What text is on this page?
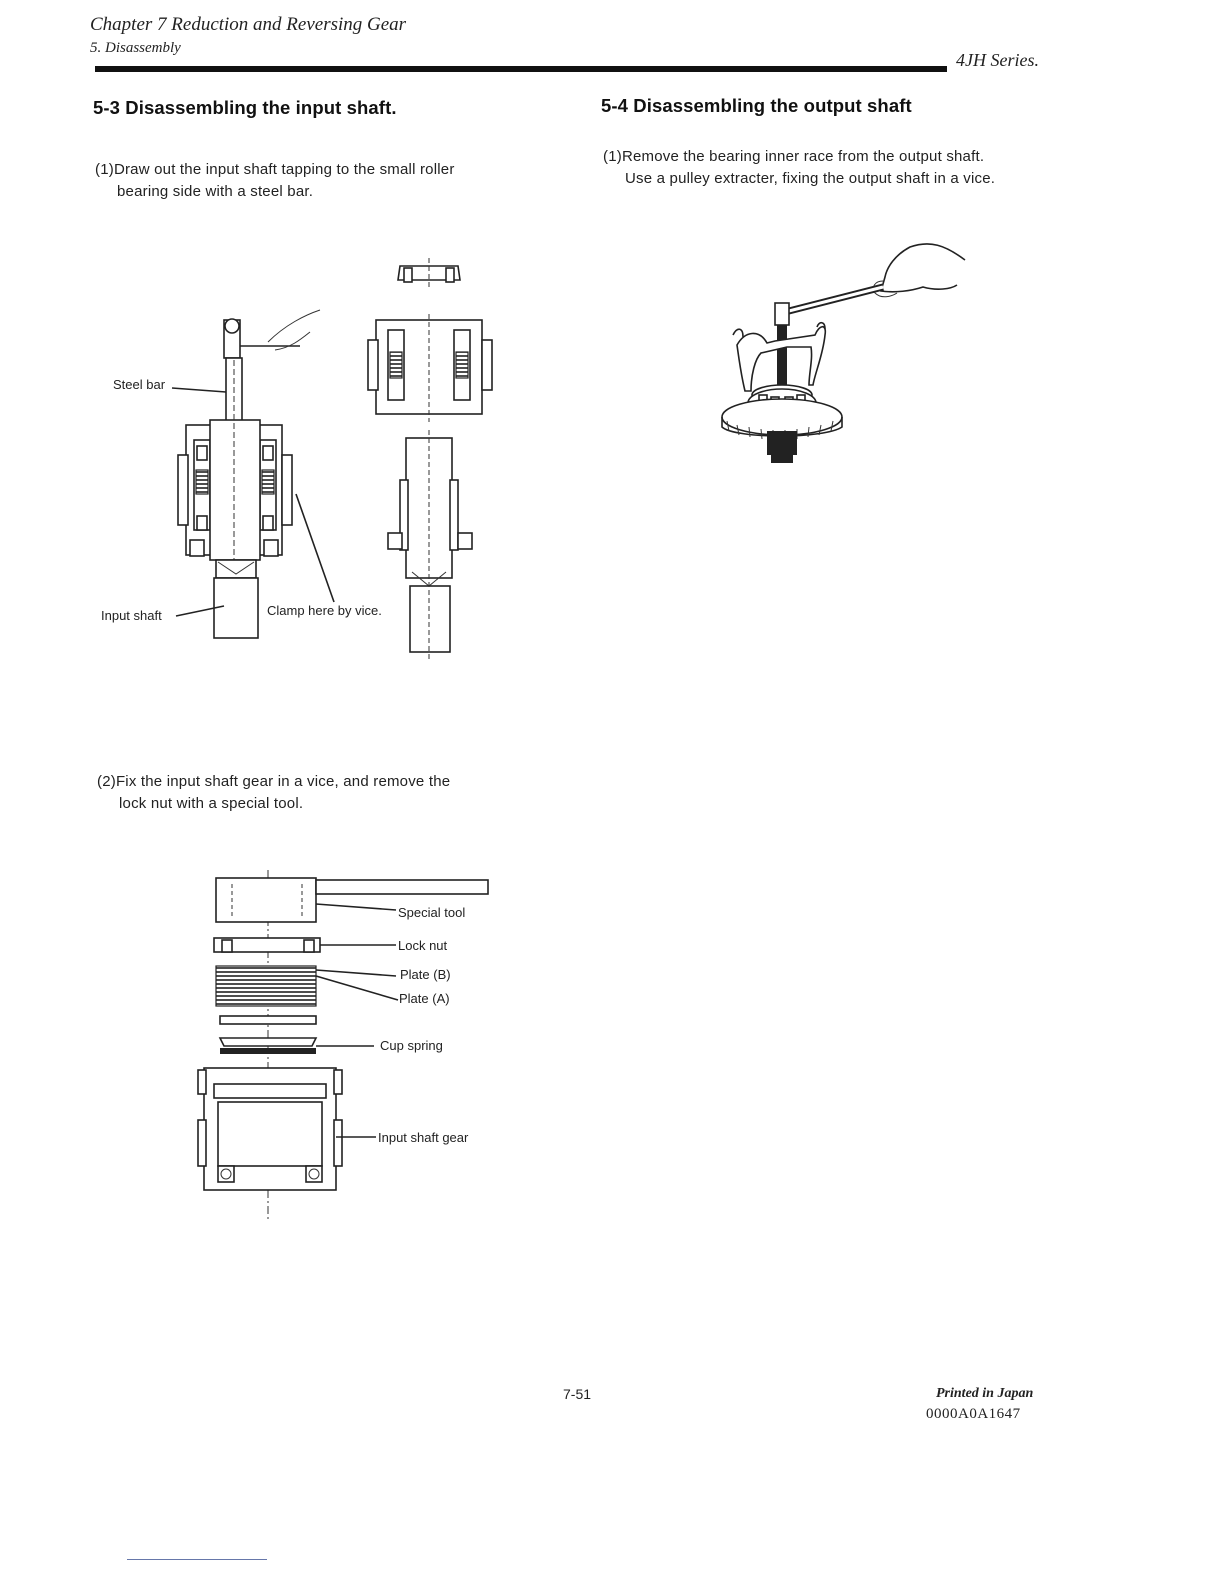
Chapter 7 Reduction and Reversing Gear
5. Disassembly
4JH Series.
5-3 Disassembling the input shaft.
(1)Draw out the input shaft tapping to the small roller
bearing side with a steel bar.
Steel bar
Input shaft	Clamp here by vice.
(2)Fix the input shaft gear in a vice, and remove the
lock nut with a special tool.
Special tool
Lock nut
Plate (B)
Plate (A)
Cup spring
Input shaft gear
5-4 Disassembling the output shaft
(1)Remove the bearing inner race from the output shaft.
Use a pulley extracter, fixing the output shaft in a vice.
7-51	Printed in Japan
0000A0A1647
